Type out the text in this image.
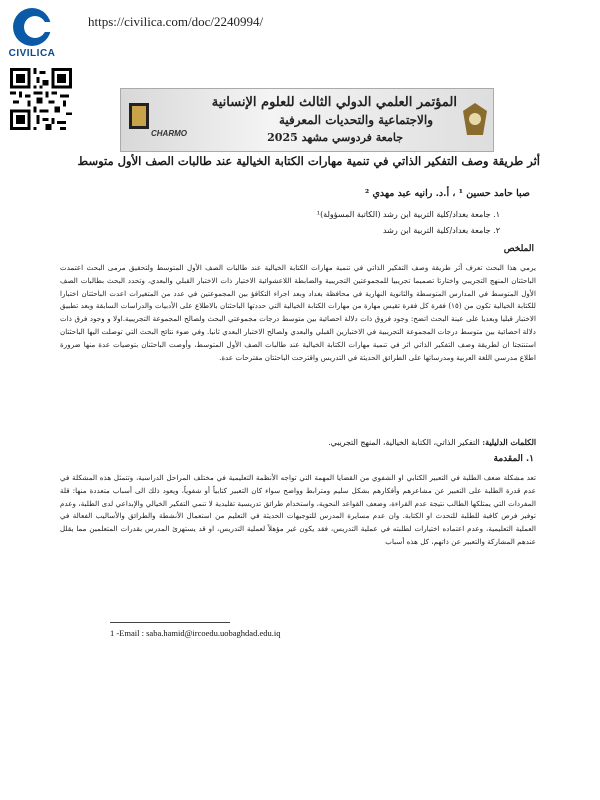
CIVILICA
https://civilica.com/doc/2240994/
المؤتمر العلمي الدولي الثالث للعلوم الإنسانية
والاجتماعية والتحديات المعرفية
جامعة فردوسي مشهد 2025
CHARMO
أثر طريقة وصف التفكير الذاتي في تنمية مهارات الكتابة الخيالية عند طالبات الصف الأول متوسط
صبا حامد حسين ¹ ، أ.د. رانيه عبد مهدي ²
١. جامعة بغداد/كلية التربية ابن رشد (الكاتبة المسؤولة)¹
٢. جامعة بغداد/كلية التربية ابن رشد
الملخص
يرمي هذا البحث تعرف أثر طريقة وصف التفكير الذاتي في تنمية مهارات الكتابة الخيالية عند طالبات الصف الأول المتوسط ولتحقيق مرمى البحث اعتمدت الباحثتان المنهج التجريبي واختارتا تصميما تجريبيا للمجموعتين التجريبية والضابطة اللاعشوائية الاختيار ذات الاختبار القبلي والبعدي، وتحدد البحث بطالبات الصف الأول المتوسط في المدارس المتوسطة والثانوية النهارية في محافظة بغداد وبعد اجراء التكافؤ بين المجموعتين في عدد من المتغيرات اعدت الباحثتان اختبارا للكتابة الخيالية تكون من (١٥) فقرة كل فقرة تقيس مهارة من مهارات الكتابة الخيالية التي حددتها الباحثتان بالاطلاع على الأدبيات والدراسات السابقة وبعد تطبيق الاختبار قبليا وبعديا على عينة البحث اتضح: وجود فروق ذات دلالة احصائية بين متوسط درجات مجموعتي البحث ولصالح المجموعة التجريبية.اولا و وجود فرق ذات دلالة احصائية بين متوسط درجات المجموعة التجريبية في الاختبارين القبلي والبعدي ولصالح الاختبار البعدي ثانيا. وفي ضوء نتائج البحث التي توصلت اليها الباحثتان استنتجتا ان لطريقة وصف التفكير الذاتي اثر في تنمية مهارات الكتابة الخيالية عند طالبات الصف الأول المتوسط، وأوصت الباحثتان بتوصيات عدة منها ضرورة اطلاع مدرسي اللغة العربية ومدرساتها على الطرائق الحديثة في التدريس واقترحت الباحثتان مقترحات عدة.
الكلمات الدليلية: التفكير الذاتي، الكتابة الخيالية، المنهج التجريبي.
١. المقدمة
تعد مشكلة ضعف الطلبة في التعبير الكتابي او الشفوي من القضايا المهمة التي تواجه الأنظمة التعليمية في مختلف المراحل الدراسية، وتتمثل هذه المشكلة في عدم قدرة الطلبة على التعبير عن مشاعرهم وأفكارهم بشكل سليم ومترابط وواضح سواء كان التعبير كتابياً أو شفوياً، ويعود ذلك الى أسباب متعددة منها: قلة المفردات التي يمتلكها الطالب نتيجة عدم القراءة، وضعف القواعد النحوية، واستخدام طرائق تدريسية تقليدية لا تنمي التفكير الخيالي والإبداعي لدى الطلبة، وعدم توفير فرص كافية للطلبة للتحدث او الكتابة. وان عدم مسايرة المدرس للتوجيهات الحديثة في التعليم من استعمال الأنشطة والطرائق والأساليب الفعالة في العملية التعليمية، وعدم اعتماده اختيارات لطلبته في عملية التدريس، فقد يكون غير مؤهلاً لعملية التدريس، او قد يستهزئ المدرس بقدرات المتعلمين مما يقلل عندهم المشاركة والتعبير عن ذاتهم، كل هذه أسباب
1 -Email : saba.hamid@ircoedu.uobaghdad.edu.iq
